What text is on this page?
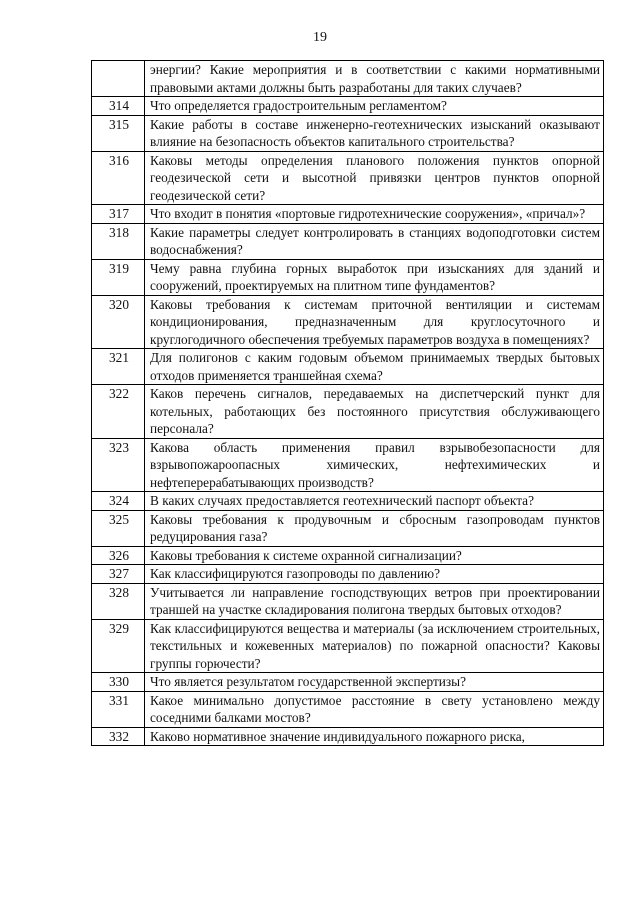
19
	энергии? Какие мероприятия и в соответствии с какими нормативными правовыми актами должны быть разработаны для таких случаев?
314	Что определяется градостроительным регламентом?
315	Какие работы в составе инженерно-геотехнических изысканий оказывают влияние на безопасность объектов капитального строительства?
316	Каковы методы определения планового положения пунктов опорной геодезической сети и высотной привязки центров пунктов опорной геодезической сети?
317	Что входит в понятия «портовые гидротехнические сооружения», «причал»?
318	Какие параметры следует контролировать в станциях водоподготовки систем водоснабжения?
319	Чему равна глубина горных выработок при изысканиях для зданий и сооружений, проектируемых на плитном типе фундаментов?
320	Каковы требования к системам приточной вентиляции и системам кондиционирования, предназначенным для круглосуточного и круглогодичного обеспечения требуемых параметров воздуха в помещениях?
321	Для полигонов с каким годовым объемом принимаемых твердых бытовых отходов применяется траншейная схема?
322	Каков перечень сигналов, передаваемых на диспетчерский пункт для котельных, работающих без постоянного присутствия обслуживающего персонала?
323	Какова область применения правил взрывобезопасности для взрывопожароопасных химических, нефтехимических и нефтеперерабатывающих производств?
324	В каких случаях предоставляется геотехнический паспорт объекта?
325	Каковы требования к продувочным и сбросным газопроводам пунктов редуцирования газа?
326	Каковы требования к системе охранной сигнализации?
327	Как классифицируются газопроводы по давлению?
328	Учитывается ли направление господствующих ветров при проектировании траншей на участке складирования полигона твердых бытовых отходов?
329	Как классифицируются вещества и материалы (за исключением строительных, текстильных и кожевенных материалов) по пожарной опасности? Каковы группы горючести?
330	Что является результатом государственной экспертизы?
331	Какое минимально допустимое расстояние в свету установлено между соседними балками мостов?
332	Каково нормативное значение индивидуального пожарного риска,
